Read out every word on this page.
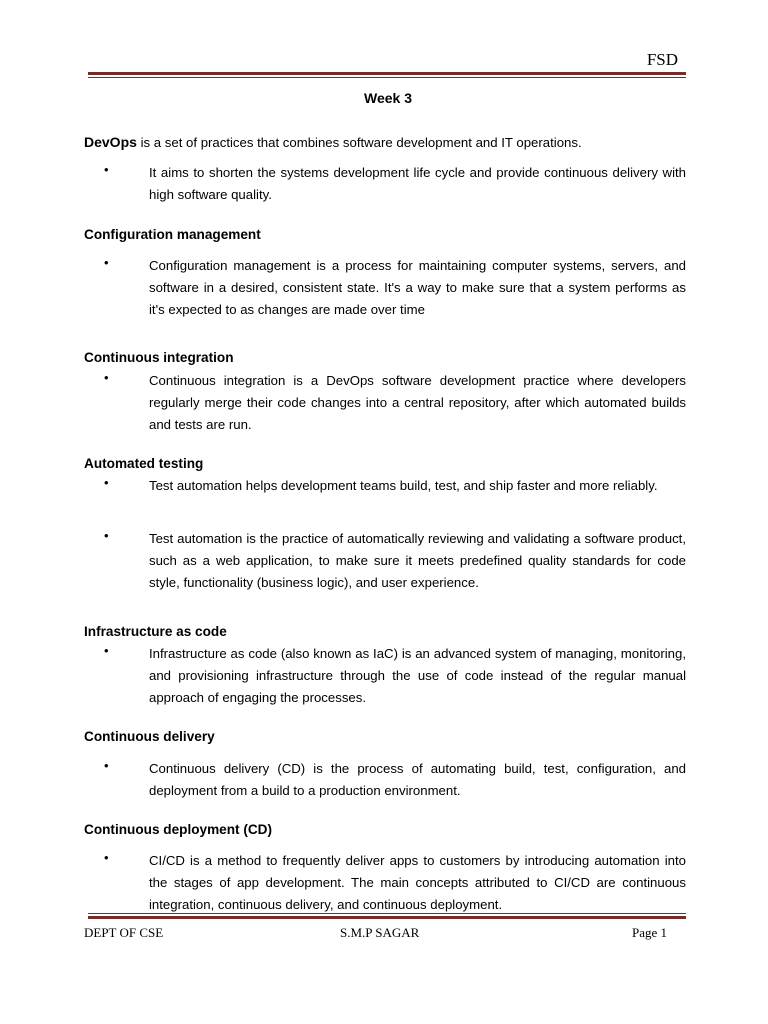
FSD
Week 3
DevOps is a set of practices that combines software development and IT operations.
•	It aims to shorten the systems development life cycle and provide continuous delivery with high software quality.
Configuration management
•	Configuration management is a process for maintaining computer systems, servers, and software in a desired, consistent state. It's a way to make sure that a system performs as it's expected to as changes are made over time
Continuous integration
•	Continuous integration is a DevOps software development practice where developers regularly merge their code changes into a central repository, after which automated builds and tests are run.
Automated testing
•	Test automation helps development teams build, test, and ship faster and more reliably.
•	Test automation is the practice of automatically reviewing and validating a software product, such as a web application, to make sure it meets predefined quality standards for code style, functionality (business logic), and user experience.
Infrastructure as code
•	Infrastructure as code (also known as IaC) is an advanced system of managing, monitoring, and provisioning infrastructure through the use of code instead of the regular manual approach of engaging the processes.
Continuous delivery
•	Continuous delivery (CD) is the process of automating build, test, configuration, and deployment from a build to a production environment.
Continuous deployment (CD)
•	CI/CD is a method to frequently deliver apps to customers by introducing automation into the stages of app development. The main concepts attributed to CI/CD are continuous integration, continuous delivery, and continuous deployment.
DEPT OF CSE	S.M.P SAGAR	Page 1
